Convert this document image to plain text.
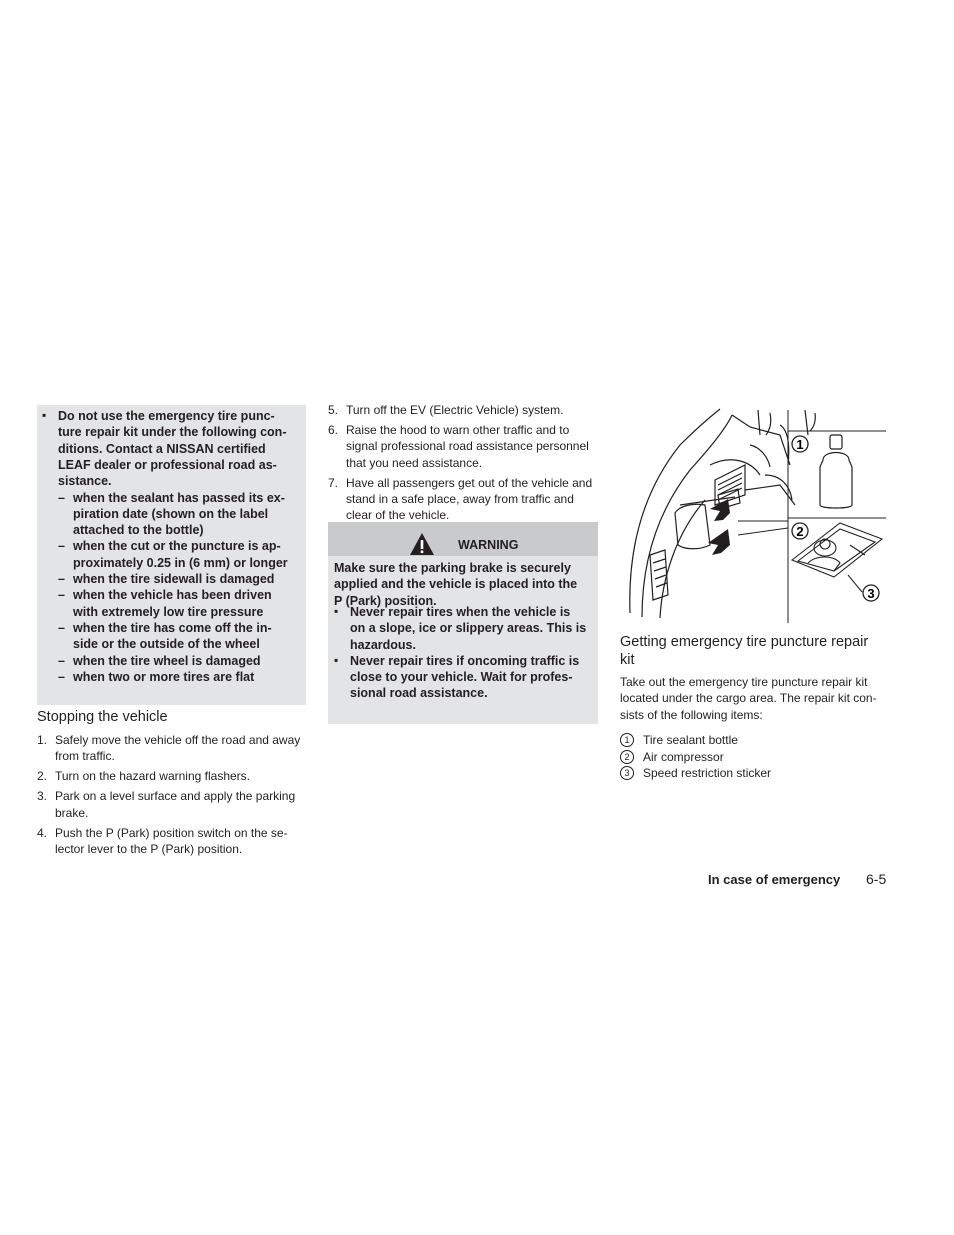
▪ Do not use the emergency tire punc-
ture repair kit under the following con-
ditions. Contact a NISSAN certified
LEAF dealer or professional road as-
sistance.
– when the sealant has passed its ex-
piration date (shown on the label
attached to the bottle)
– when the cut or the puncture is ap-
proximately 0.25 in (6 mm) or longer
– when the tire sidewall is damaged
– when the vehicle has been driven
with extremely low tire pressure
– when the tire has come off the in-
side or the outside of the wheel
– when the tire wheel is damaged
– when two or more tires are flat
Stopping the vehicle
WARNING
Make sure the parking brake is securely
applied and the vehicle is placed into the
P (Park) position.
▪ Never repair tires when the vehicle is
on a slope, ice or slippery areas. This is
hazardous.
▪ Never repair tires if oncoming traffic is
close to your vehicle. Wait for profes-
sional road assistance.
1
2
3
Getting emergency tire puncture repair
kit
Take out the emergency tire puncture repair kit
located under the cargo area. The repair kit con-
sists of the following items:
In case of emergency 6-5
1. Safely move the vehicle off the road and away
from traffic.
2. Turn on the hazard warning flashers.
3. Park on a level surface and apply the parking
brake.
4. Push the P (Park) position switch on the se-
lector lever to the P (Park) position.
5. Turn off the EV (Electric Vehicle) system.
6. Raise the hood to warn other traffic and to
signal professional road assistance personnel
that you need assistance.
7. Have all passengers get out of the vehicle and
stand in a safe place, away from traffic and
clear of the vehicle.
1	Tire sealant bottle
2	Air compressor
3	Speed restriction sticker
